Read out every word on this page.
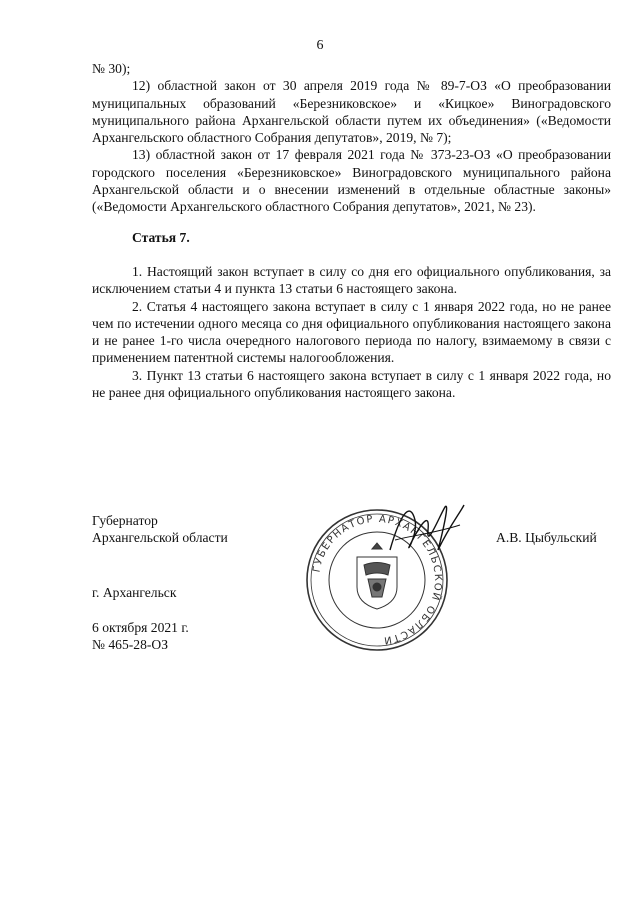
6

№ 30);

12) областной закон от 30 апреля 2019 года № 89-7-ОЗ «О преобразовании муниципальных образований «Березниковское» и «Кицкое» Виноградовского муниципального района Архангельской области путем их объединения» («Ведомости Архангельского областного Собрания депутатов», 2019, № 7);

13) областной закон от 17 февраля 2021 года № 373-23-ОЗ «О преобразовании городского поселения «Березниковское» Виноградовского муниципального района Архангельской области и о внесении изменений в отдельные областные законы» («Ведомости Архангельского областного Собрания депутатов», 2021, № 23).

Статья 7.

1. Настоящий закон вступает в силу со дня его официального опубликования, за исключением статьи 4 и пункта 13 статьи 6 настоящего закона.

2. Статья 4 настоящего закона вступает в силу с 1 января 2022 года, но не ранее чем по истечении одного месяца со дня официального опубликования настоящего закона и не ранее 1-го числа очередного налогового периода по налогу, взимаемому в связи с применением патентной системы налогообложения.

3. Пункт 13 статьи 6 настоящего закона вступает в силу с 1 января 2022 года, но не ранее дня официального опубликования настоящего закона.

Губернатор
Архангельской области
ГУБЕРНАТОР АРХАНГЕЛЬСКОЙ ОБЛАСТИ
А.В. Цыбульский
г. Архангельск
6 октября 2021 г.
№ 465-28-ОЗ
